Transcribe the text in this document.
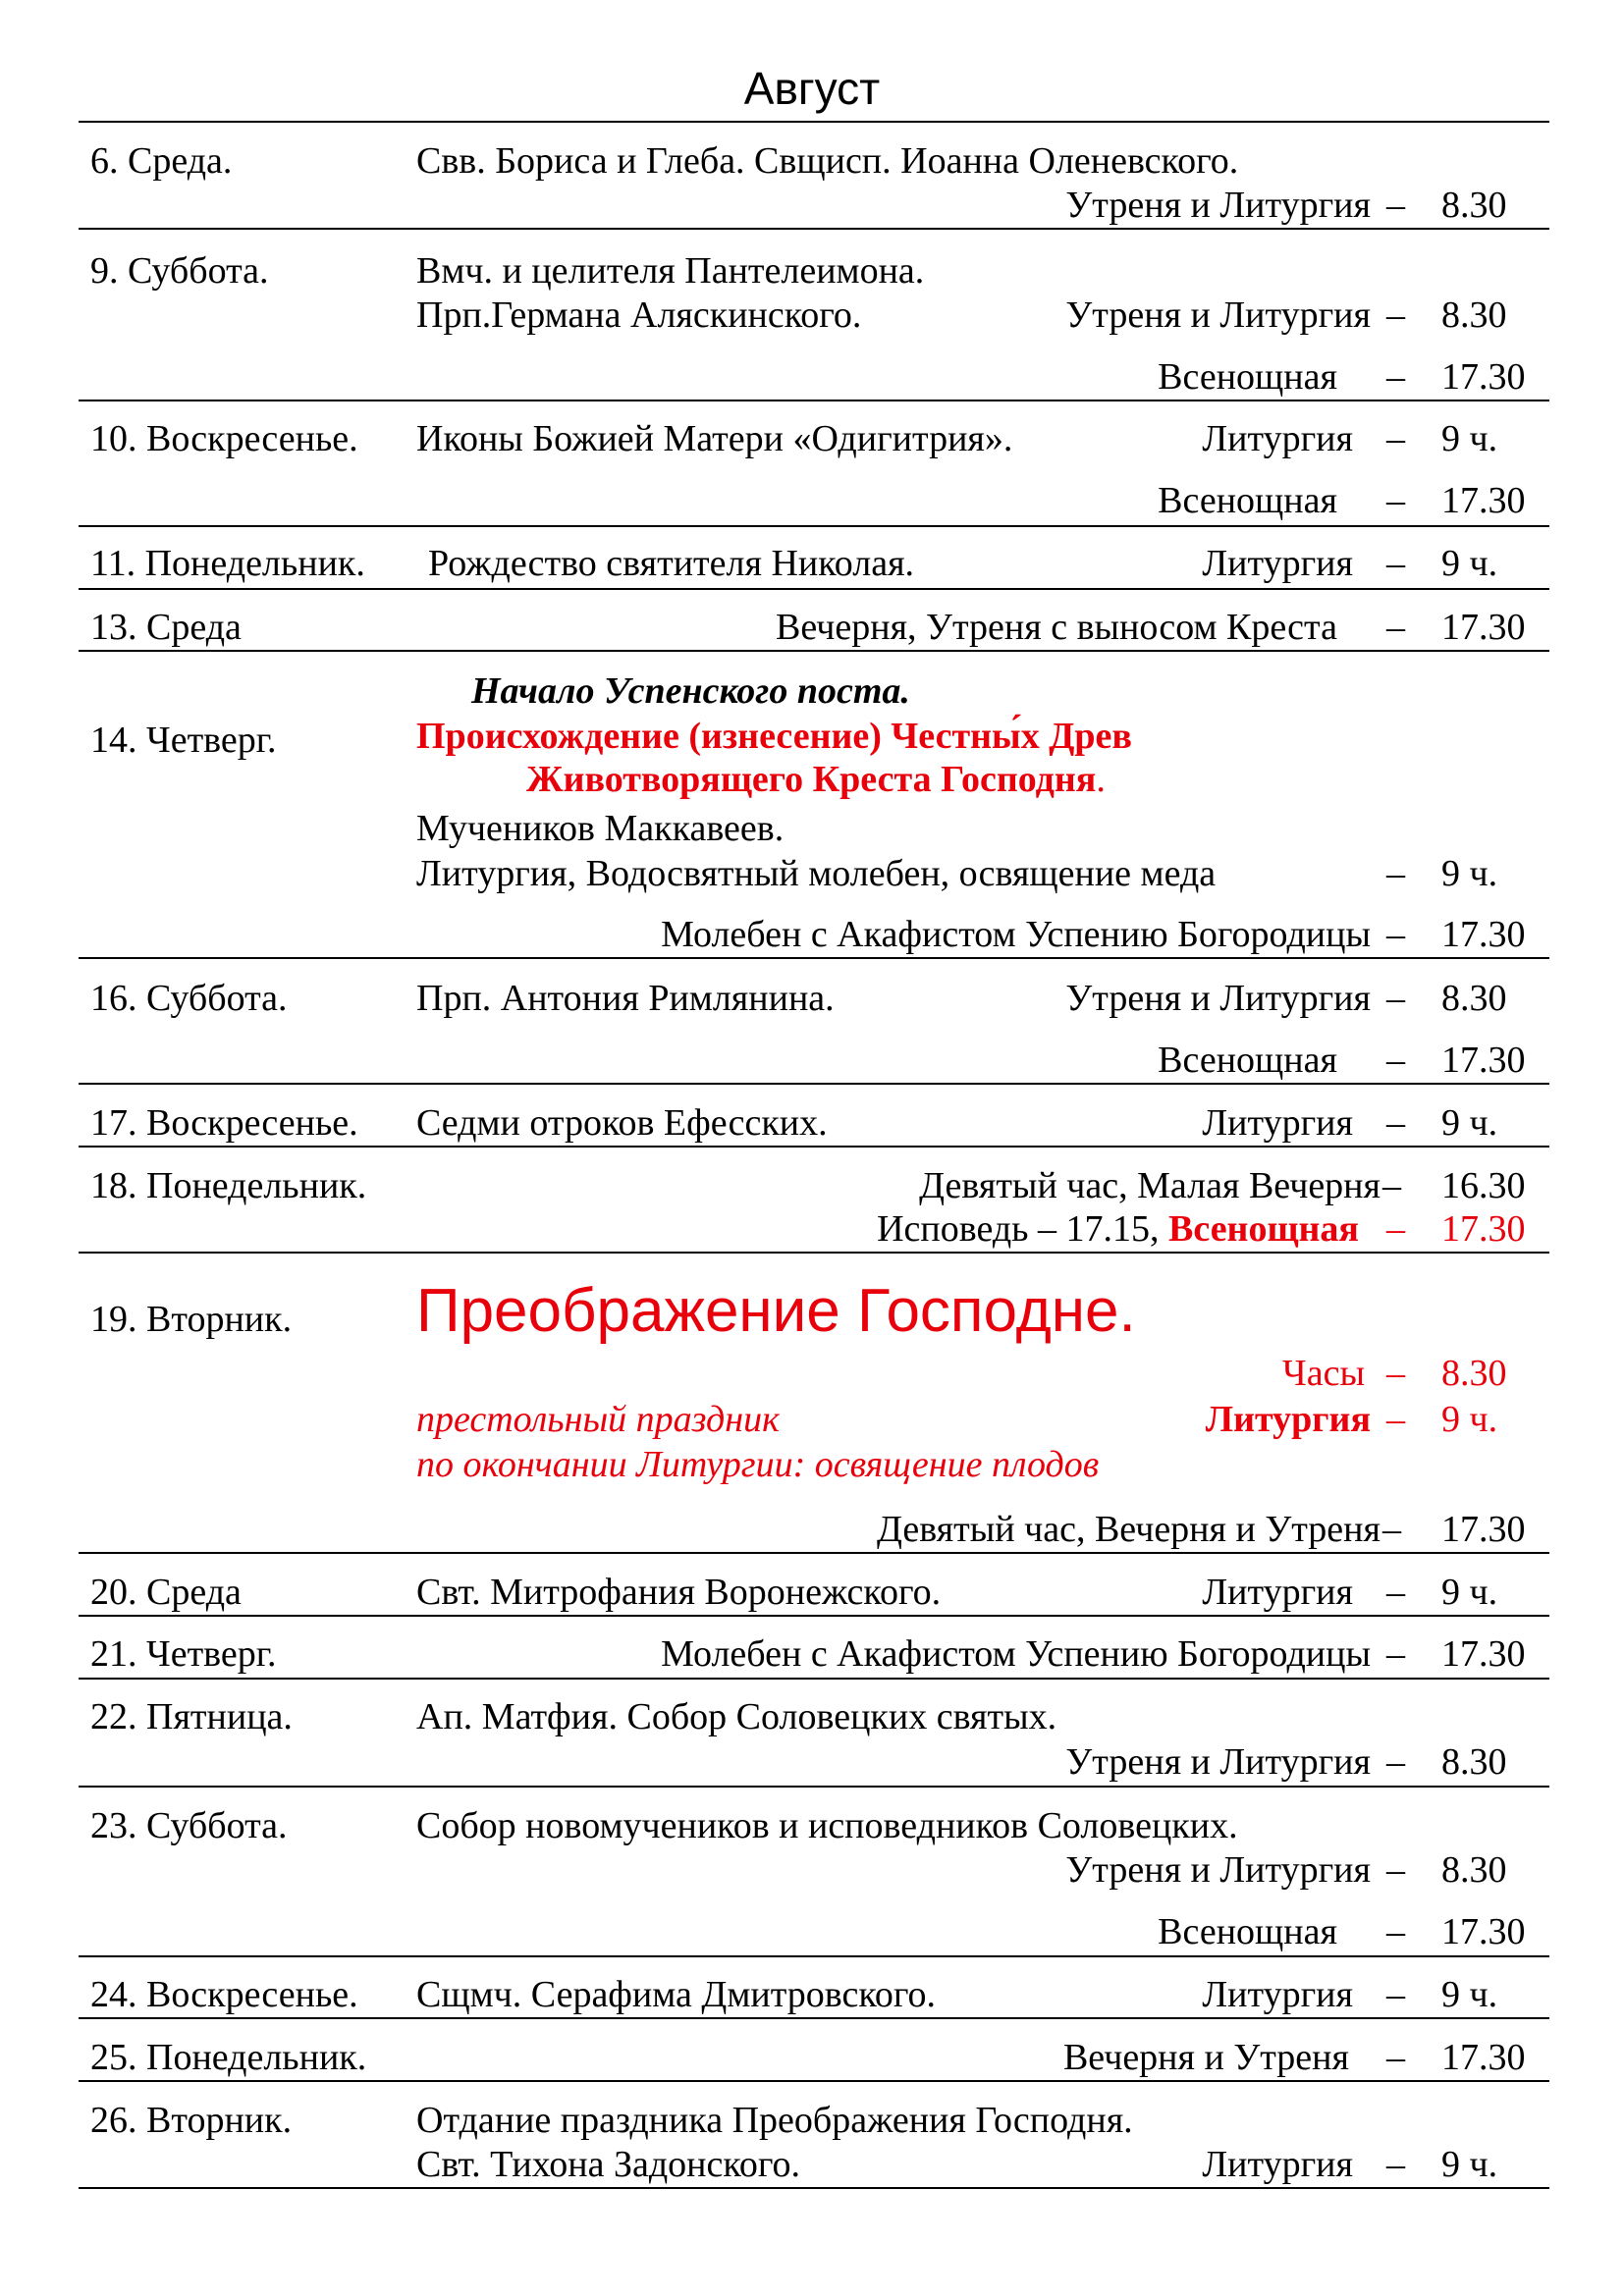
Август
6. Среда.	Свв. Бориса и Глеба. Свщисп. Иоанна Оленевского.
Утреня и Литургия – 8.30
9. Суббота.	Вмч. и целителя Пантелеимона.
Прп.Германа Аляскинского.	Утреня и Литургия – 8.30
Всенощная – 17.30
10. Воскресенье. Иконы Божией Матери «Одигитрия».	Литургия – 9 ч.
Всенощная – 17.30
11. Понедельник. Рождество святителя Николая.	Литургия – 9 ч.
13. Среда	Вечерня, Утреня с выносом Креста – 17.30
Начало Успенского поста.
14. Четверг.	Происхождение (изнесение) Честны́х Древ
Животворящего Креста Господня.
Мучеников Маккавеев.
Литургия, Водосвятный молебен, освящение меда	– 9 ч.
Молебен с Акафистом Успению Богородицы – 17.30
16. Суббота.	Прп. Антония Римлянина.	Утреня и Литургия – 8.30
Всенощная – 17.30
17. Воскресенье. Седми отроков Ефесских.	Литургия – 9 ч.
18. Понедельник.	Девятый час, Малая Вечерня – 16.30
Исповедь – 17.15, Всенощная – 17.30
19. Вторник. Преображение Господне.
Часы – 8.30
престольный праздник	Литургия – 9 ч.
по окончании Литургии: освящение плодов
Девятый час, Вечерня и Утреня – 17.30
20. Среда	Свт. Митрофания Воронежского.	Литургия – 9 ч.
21. Четверг.	Молебен с Акафистом Успению Богородицы – 17.30
22. Пятница.	Ап. Матфия. Собор Соловецких святых.
Утреня и Литургия – 8.30
23. Суббота.	Собор новомучеников и исповедников Соловецких.
Утреня и Литургия – 8.30
Всенощная – 17.30
24. Воскресенье. Сщмч. Серафима Дмитровского.	Литургия – 9 ч.
25. Понедельник.	Вечерня и Утреня – 17.30
26. Вторник.	Отдание праздника Преображения Господня.
Свт. Тихона Задонского.	Литургия – 9 ч.
